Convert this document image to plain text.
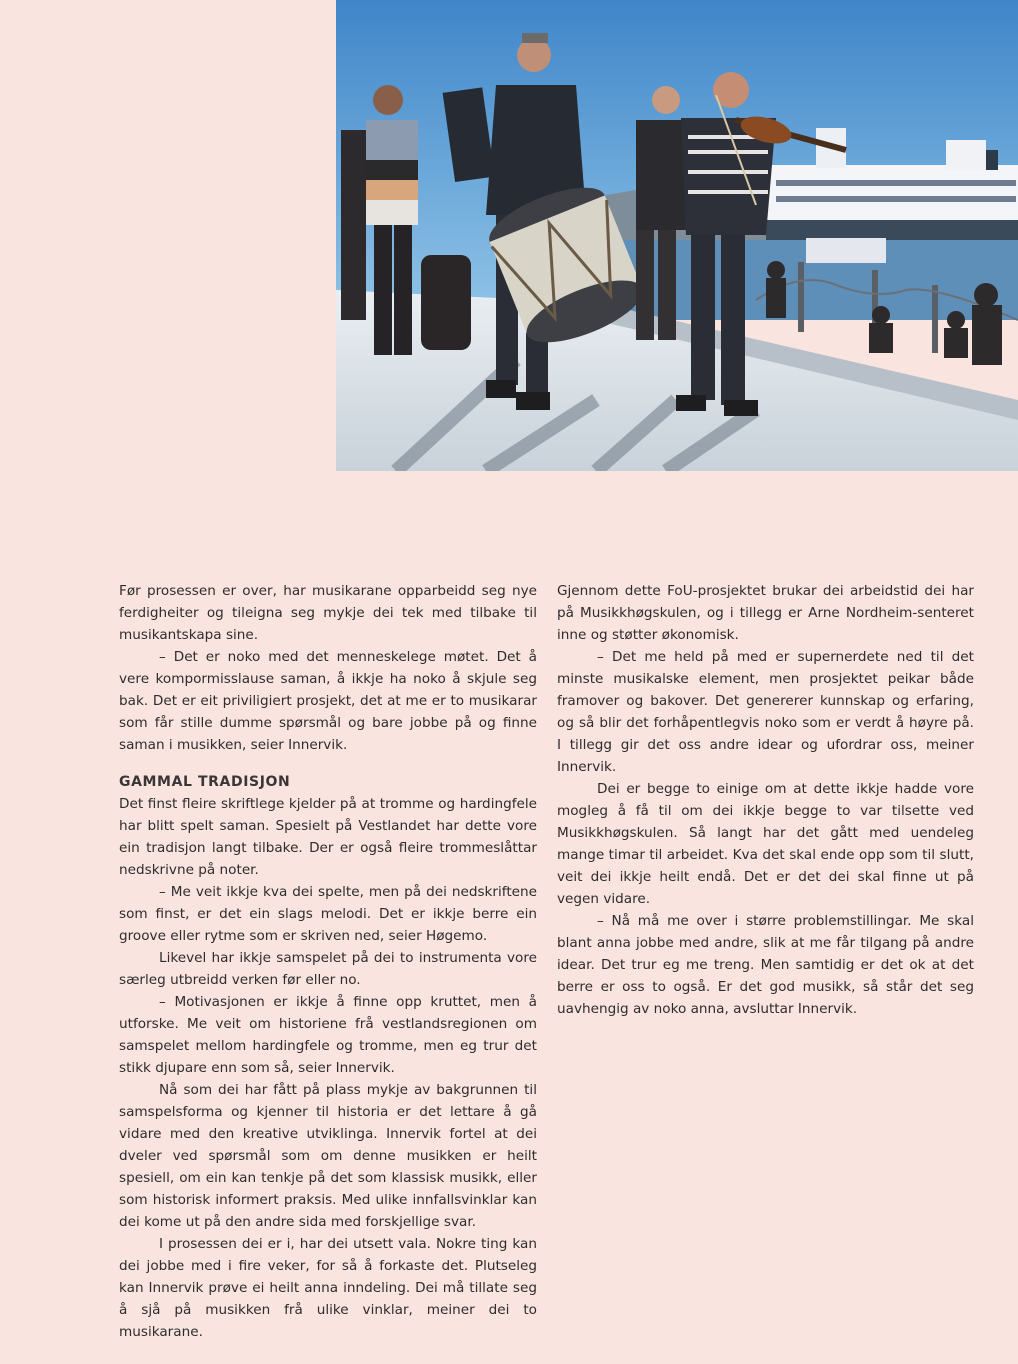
Før prosessen er over, har musikarane opparbeidd seg nye ferdigheiter og tileigna seg mykje dei tek med tilbake til musikantskapa sine.

– Det er noko med det menneskelege møtet. Det å vere kompormisslause saman, å ikkje ha noko å skjule seg bak. Det er eit priviligiert prosjekt, det at me er to musikarar som får stille dumme spørsmål og bare jobbe på og finne saman i musikken, seier Innervik.

GAMMAL TRADISJON

Det finst fleire skriftlege kjelder på at tromme og hardingfele har blitt spelt saman. Spesielt på Vestlandet har dette vore ein tradisjon langt tilbake. Der er også fleire trommeslåttar nedskrivne på noter.

– Me veit ikkje kva dei spelte, men på dei nedskriftene som finst, er det ein slags melodi. Det er ikkje berre ein groove eller rytme som er skriven ned, seier Høgemo.

Likevel har ikkje samspelet på dei to instrumenta vore særleg utbreidd verken før eller no.

– Motivasjonen er ikkje å finne opp kruttet, men å utforske. Me veit om historiene frå vestlandsregionen om samspelet mellom hardingfele og tromme, men eg trur det stikk djupare enn som så, seier Innervik.

Nå som dei har fått på plass mykje av bakgrunnen til samspelsforma og kjenner til historia er det lettare å gå vidare med den kreative utviklinga. Innervik fortel at dei dveler ved spørsmål som om denne musikken er heilt spesiell, om ein kan tenkje på det som klassisk musikk, eller som historisk informert praksis. Med ulike innfallsvinklar kan dei kome ut på den andre sida med forskjellige svar.

I prosessen dei er i, har dei utsett vala. Nokre ting kan dei jobbe med i fire veker, for så å forkaste det. Plutseleg kan Innervik prøve ei heilt anna inndeling. Dei må tillate seg å sjå på musikken frå ulike vinklar, meiner dei to musikarane.

Gjennom dette FoU-prosjektet brukar dei arbeidstid dei har på Musikkhøgskulen, og i tillegg er Arne Nordheim-senteret inne og støtter økonomisk.

– Det me held på med er supernerdete ned til det minste musikalske element, men prosjektet peikar både framover og bakover. Det genererer kunnskap og erfaring, og så blir det forhåpentlegvis noko som er verdt å høyre på. I tillegg gir det oss andre idear og ufordrar oss, meiner Innervik.

Dei er begge to einige om at dette ikkje hadde vore mogleg å få til om dei ikkje begge to var tilsette ved Musikkhøgskulen. Så langt har det gått med uendeleg mange timar til arbeidet. Kva det skal ende opp som til slutt, veit dei ikkje heilt endå. Det er det dei skal finne ut på vegen vidare.

– Nå må me over i større problemstillingar. Me skal blant anna jobbe med andre, slik at me får tilgang på andre idear. Det trur eg me treng. Men samtidig er det ok at det berre er oss to også. Er det god musikk, så står det seg uavhengig av noko anna, avsluttar Innervik.
